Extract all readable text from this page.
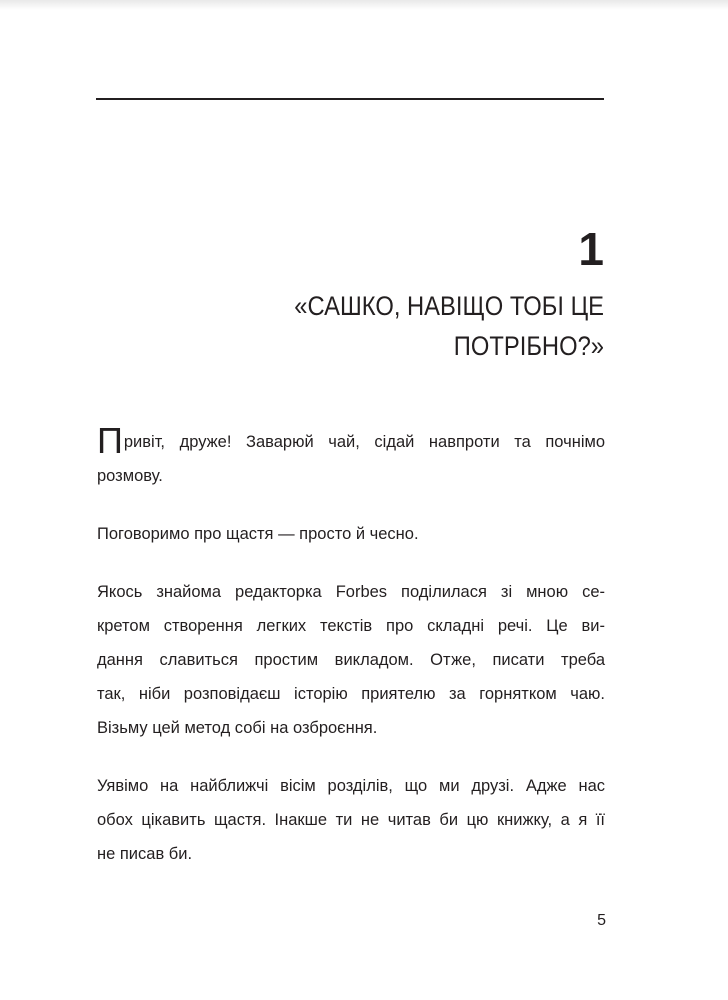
1
«САШКО, НАВІЩО ТОБІ ЦЕ
ПОТРІБНО?»

Привіт, друже! Заварюй чай, сідай навпроти та почнімо
розмову.

Поговоримо про щастя — просто й чесно.

Якось знайома редакторка Forbes поділилася зі мною се-
кретом створення легких текстів про складні речі. Це ви-
дання славиться простим викладом. Отже, писати треба
так, ніби розповідаєш історію приятелю за горнятком чаю.
Візьму цей метод собі на озброєння.

Уявімо на найближчі вісім розділів, що ми друзі. Адже нас
обох цікавить щастя. Інакше ти не читав би цю книжку, а я її
не писав би.

5
